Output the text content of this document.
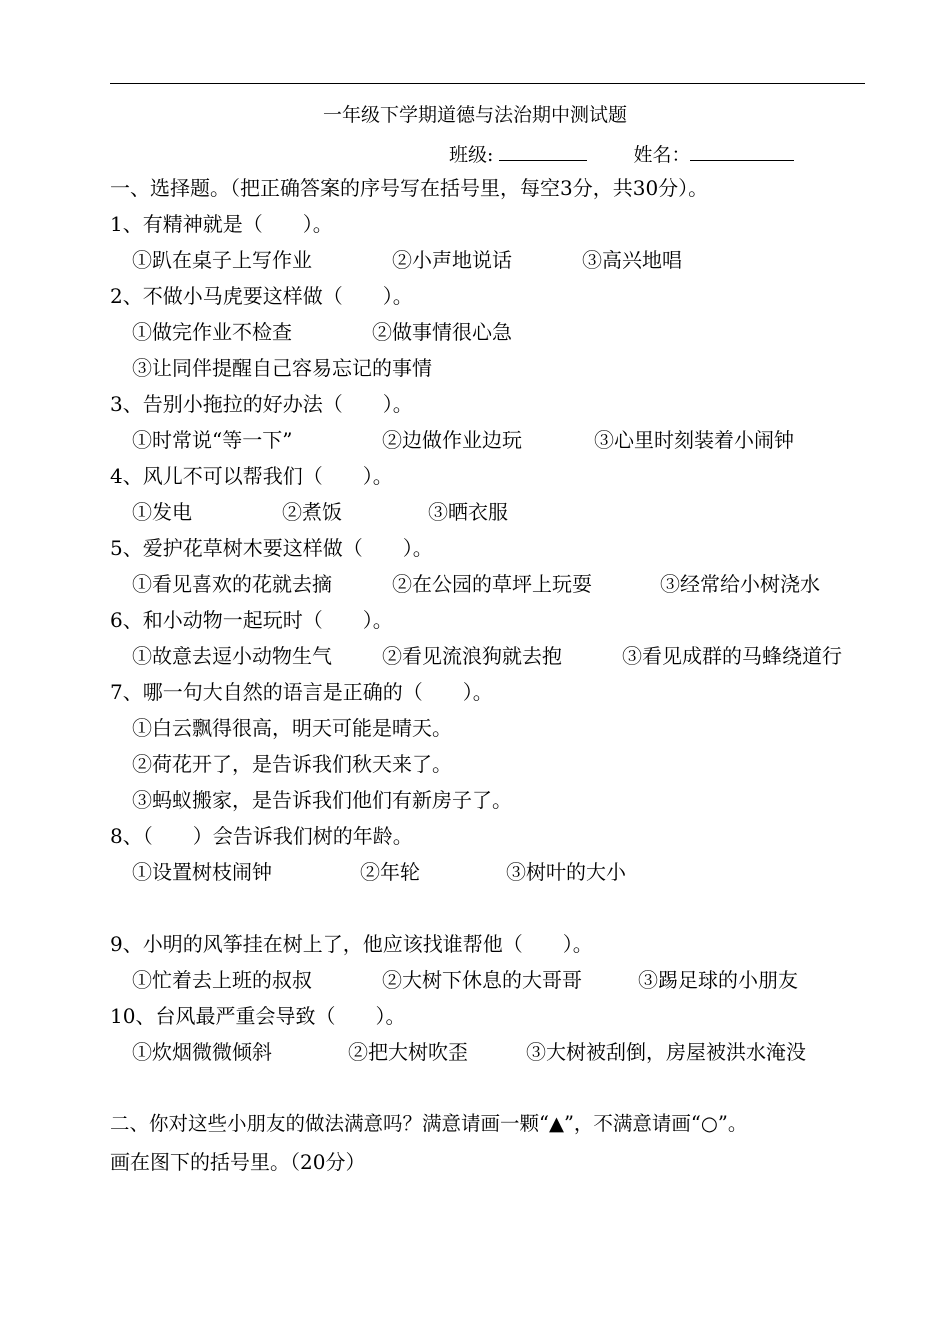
一年级下学期道德与法治期中测试题
班级:	姓名：
一、选择题。（把正确答案的序号写在括号里，每空3分，共30分）。
1、有精神就是（　　）。
①趴在桌子上写作业	②小声地说话	③高兴地唱
2、不做小马虎要这样做（　　）。
①做完作业不检查	②做事情很心急
③让同伴提醒自己容易忘记的事情
3、告别小拖拉的好办法（　　）。
①时常说“等一下”	②边做作业边玩	③心里时刻装着小闹钟
4、风儿不可以帮我们（　　）。
①发电	②煮饭	③晒衣服
5、爱护花草树木要这样做（　　）。
①看见喜欢的花就去摘	②在公园的草坪上玩耍	③经常给小树浇水
6、和小动物一起玩时（　　）。
①故意去逗小动物生气	②看见流浪狗就去抱	③看见成群的马蜂绕道行
7、哪一句大自然的语言是正确的（　　）。
①白云飘得很高，明天可能是晴天。
②荷花开了，是告诉我们秋天来了。
③蚂蚁搬家，是告诉我们他们有新房子了。
8、（　　）会告诉我们树的年龄。
①设置树枝闹钟	②年轮	③树叶的大小
9、小明的风筝挂在树上了，他应该找谁帮他（　　）。
①忙着去上班的叔叔	②大树下休息的大哥哥	③踢足球的小朋友
10、台风最严重会导致（　　）。
①炊烟微微倾斜	②把大树吹歪	③大树被刮倒，房屋被洪水淹没
二、你对这些小朋友的做法满意吗？满意请画一颗“▲”，不满意请画“○”。
画在图下的括号里。（20分）
